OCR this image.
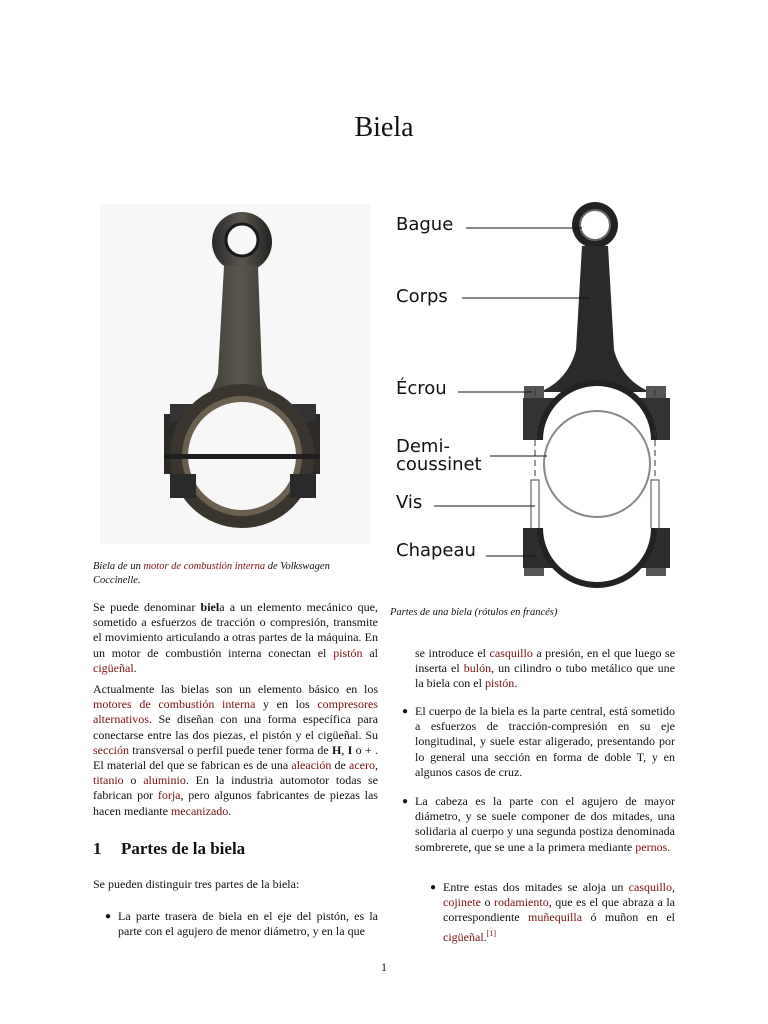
Biela
Biela de un motor de combustión interna de Volkswagen Coccinelle.
Bague
Corps
Écrou
Demi-
coussinet
Vis
Chapeau
Partes de una biela (rótulos en francés)

Se puede denominar biela a un elemento mecánico que, sometido a esfuerzos de tracción o compresión, transmite el movimiento articulando a otras partes de la máquina. En un motor de combustión interna conectan el pistón al cigüeñal.

Actualmente las bielas son un elemento básico en los motores de combustión interna y en los compresores alternativos. Se diseñan con una forma específica para conectarse entre las dos piezas, el pistón y el cigüeñal. Su sección transversal o perfil puede tener forma de H, I o + . El material del que se fabrican es de una aleación de acero, titanio o aluminio. En la industria automotor todas se fabrican por forja, pero algunos fabricantes de piezas las hacen mediante mecanizado.

1 Partes de la biela
Se pueden distinguir tres partes de la biela:
● La parte trasera de biela en el eje del pistón, es la parte con el agujero de menor diámetro, y en la que
se introduce el casquillo a presión, en el que luego se inserta el bulón, un cilindro o tubo metálico que une la biela con el pistón.
● El cuerpo de la biela es la parte central, está sometido a esfuerzos de tracción-compresión en su eje longitudinal, y suele estar aligerado, presentando por lo general una sección en forma de doble T, y en algunos casos de cruz.
● La cabeza es la parte con el agujero de mayor diámetro, y se suele componer de dos mitades, una solidaria al cuerpo y una segunda postiza denominada sombrerete, que se une a la primera mediante pernos.
● Entre estas dos mitades se aloja un casquillo, cojinete o rodamiento, que es el que abraza a la correspondiente muñequilla ó muñon en el cigüeñal.[1]
1
